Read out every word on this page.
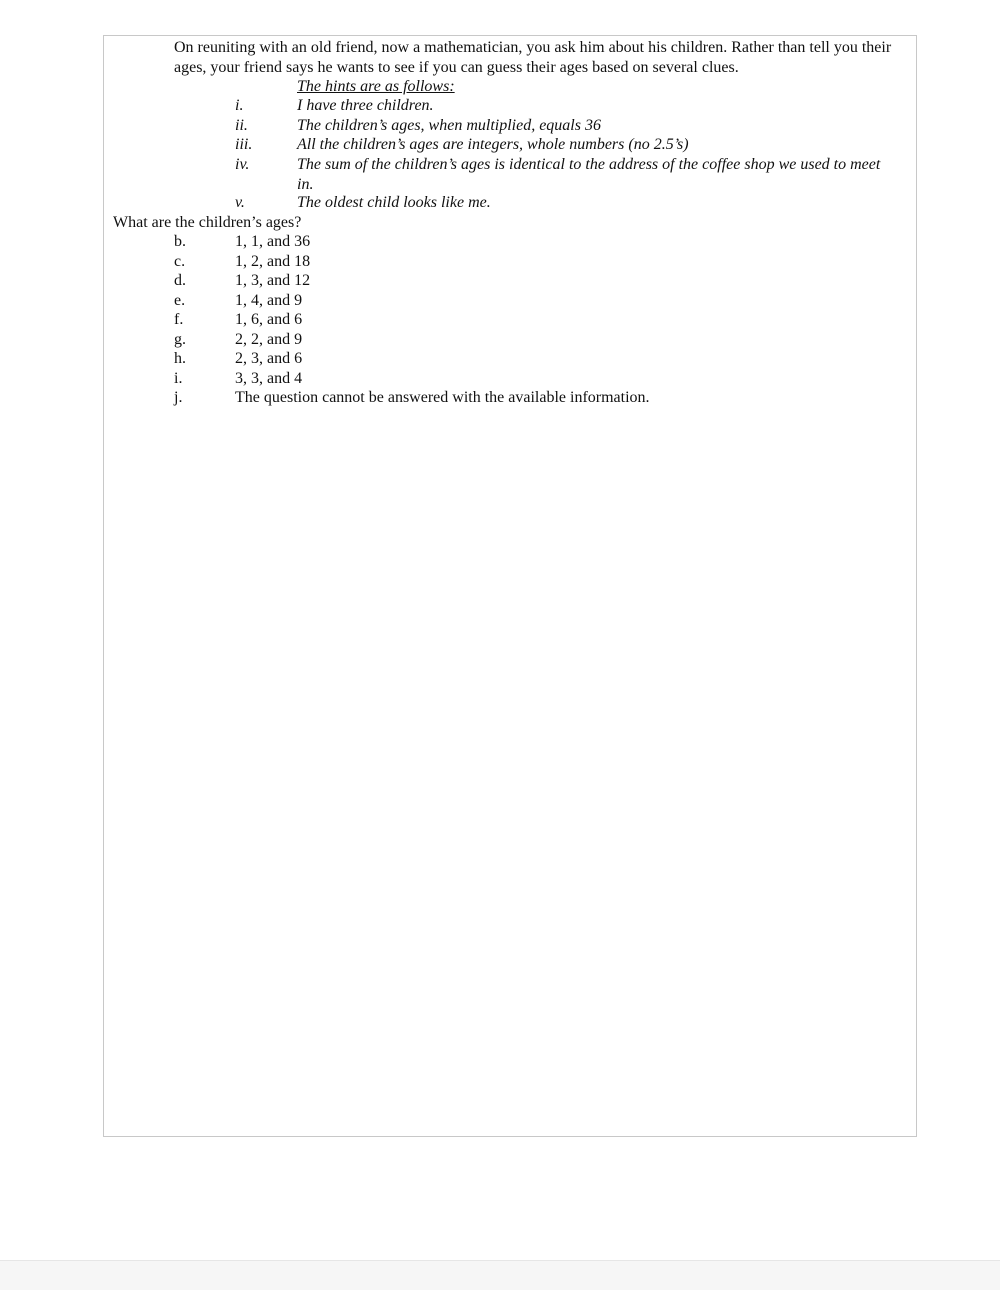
On reuniting with an old friend, now a mathematician, you ask him about his children. Rather than tell you their ages, your friend says he wants to see if you can guess their ages based on several clues.

The hints are as follows:
i.	I have three children.
ii.	The children’s ages, when multiplied, equals 36
iii.	All the children’s ages are integers, whole numbers (no 2.5’s)
iv.	The sum of the children’s ages is identical to the address of the coffee shop we used to meet in.
v.	The oldest child looks like me.
What are the children’s ages?
b.	1, 1, and 36
c.	1, 2, and 18
d.	1, 3, and 12
e.	1, 4, and 9
f.	1, 6, and 6
g.	2, 2, and 9
h.	2, 3, and 6
i.	3, 3, and 4
j.	The question cannot be answered with the available information.
